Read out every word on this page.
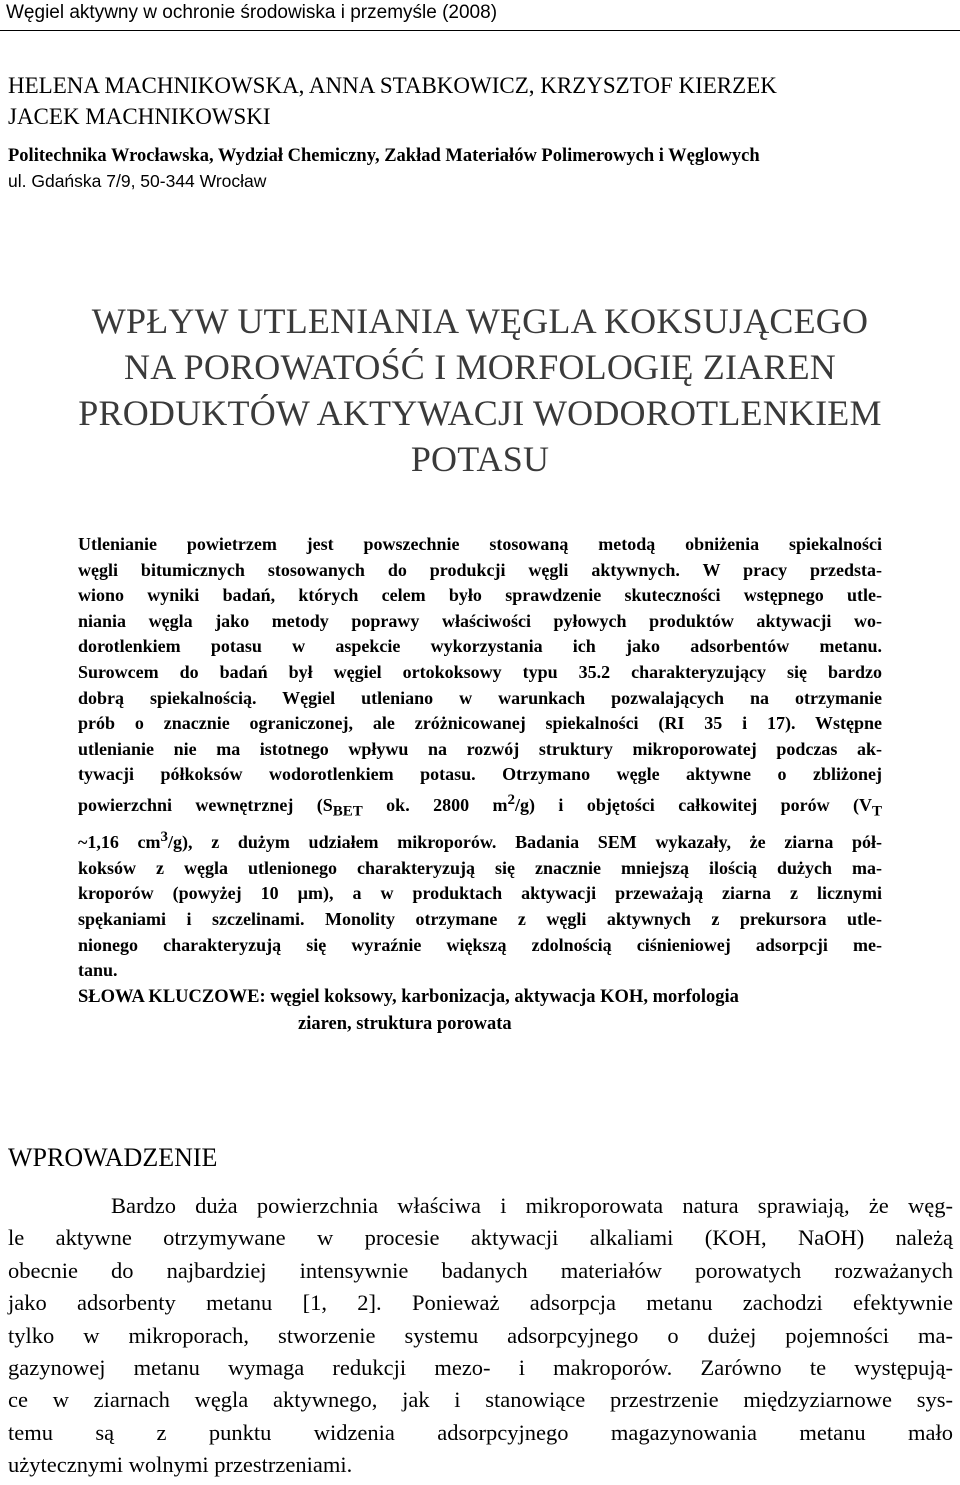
Węgiel aktywny w ochronie środowiska i przemyśle (2008)
HELENA MACHNIKOWSKA, ANNA STABKOWICZ, KRZYSZTOF KIERZEK
JACEK MACHNIKOWSKI
Politechnika Wrocławska, Wydział Chemiczny, Zakład Materiałów Polimerowych i Węglowych
ul. Gdańska 7/9, 50-344 Wrocław
WPŁYW UTLENIANIA WĘGLA KOKSUJĄCEGO
NA POROWATOŚĆ I MORFOLOGIĘ ZIAREN
PRODUKTÓW AKTYWACJI WODOROTLENKIEM
POTASU
Utlenianie powietrzem jest powszechnie stosowaną metodą obniżenia spiekalności
węgli bitumicznych stosowanych do produkcji węgli aktywnych. W pracy przedsta-
wiono wyniki badań, których celem było sprawdzenie skuteczności wstępnego utle-
niania węgla jako metody poprawy właściwości pyłowych produktów aktywacji wo-
dorotlenkiem potasu w aspekcie wykorzystania ich jako adsorbentów metanu.
Surowcem do badań był węgiel ortokoksowy typu 35.2 charakteryzujący się bardzo
dobrą spiekalnością. Węgiel utleniano w warunkach pozwalających na otrzymanie
prób o znacznie ograniczonej, ale zróżnicowanej spiekalności (RI 35 i 17). Wstępne
utlenianie nie ma istotnego wpływu na rozwój struktury mikroporowatej podczas ak-
tywacji półkoksów wodorotlenkiem potasu. Otrzymano węgle aktywne o zbliżonej
powierzchni wewnętrznej ($S_{BET}$ ok. 2800 $m^2/g$) i objętości całkowitej porów ($V_T$
~1,16 $cm^3/g$), z dużym udziałem mikroporów. Badania SEM wykazały, że ziarna pół-
koksów z węgla utlenionego charakteryzują się znacznie mniejszą ilością dużych ma-
kroporów (powyżej 10 µm), a w produktach aktywacji przeważają ziarna z licznymi
spękaniami i szczelinami. Monolity otrzymane z węgli aktywnych z prekursora utle-
nionego charakteryzują się wyraźnie większą zdolnością ciśnieniowej adsorpcji me-
tanu.
SŁOWA KLUCZOWE: węgiel koksowy, karbonizacja, aktywacja KOH, morfologia
ziaren, struktura porowata
WPROWADZENIE
Bardzo duża powierzchnia właściwa i mikroporowata natura sprawiają, że węg-
le aktywne otrzymywane w procesie aktywacji alkaliami (KOH, NaOH) należą
obecnie do najbardziej intensywnie badanych materiałów porowatych rozważanych
jako adsorbenty metanu [1, 2]. Ponieważ adsorpcja metanu zachodzi efektywnie
tylko w mikroporach, stworzenie systemu adsorpcyjnego o dużej pojemności ma-
gazynowej metanu wymaga redukcji mezo- i makroporów. Zarówno te występują-
ce w ziarnach węgla aktywnego, jak i stanowiące przestrzenie międzyziarnowe sys-
temu są z punktu widzenia adsorpcyjnego magazynowania metanu mało
użytecznymi wolnymi przestrzeniami.
